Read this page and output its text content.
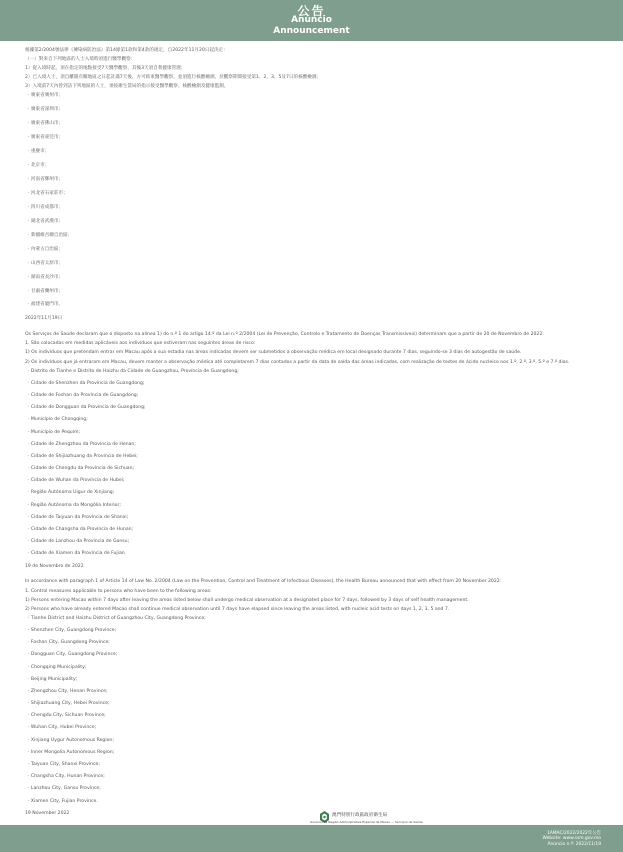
公告
Anúncio
Announcement

根據第2/2004號法律《傳染病防治法》第14條第1款和第4款的規定，自2022年11月20日起決定：

（一）對來自下列地區的人士入境時須進行醫學觀察：

1）從入境時起，須在指定的地點接受7天醫學觀察，其後3天須自我健康管理；

2）已入境人士，須自離開有關地區之日起計滿7天後，方可結束醫學觀察，並須進行核酸檢測，於觀察期間接受第1、2、3、5及7日的核酸檢測；

3）入境前7天內曾到訪下列地區的人士，須按衛生當局的指示接受醫學觀察、核酸檢測及健康監測。

‧ 廣東省廣州市；
‧ 廣東省深圳市；
‧ 廣東省佛山市；
‧ 廣東省東莞市；
‧ 重慶市；
‧ 北京市；
‧ 河南省鄭州市；
‧ 河北省石家莊市；
‧ 四川省成都市；
‧ 湖北省武漢市；
‧ 新疆維吾爾自治區；
‧ 內蒙古自治區；
‧ 山西省太原市；
‧ 湖南省長沙市；
‧ 甘肅省蘭州市；
‧ 福建省廈門市。

2022年11月19日

Os Serviços de Saúde declaram que o disposto na alínea 1) do n.º 1 do artigo 14.º da Lei n.º 2/2004 (Lei de Prevenção, Controlo e Tratamento de Doenças Transmissíveis) determinam que a partir de 20 de Novembro de 2022:

1. São colocadas em medidas aplicáveis aos indivíduos que estiveram nas seguintes áreas de risco:

1) Os indivíduos que pretendam entrar em Macau após a sua estadia nas áreas indicadas devem ser submetidos a observação médica em local designado durante 7 dias, seguindo-se 3 dias de autogestão de saúde.

2) Os indivíduos que já entraram em Macau, devem manter a observação médica até completarem 7 dias contados a partir da data de saída das áreas indicadas, com realização de testes de ácido nucleico nos 1.º, 2.º, 3.º, 5.º e 7.º dias.

‧ Distrito de Tianhe e Distrito de Haizhu da Cidade de Guangzhou, Província de Guangdong;
‧ Cidade de Shenzhen da Província de Guangdong;
‧ Cidade de Foshan da Província de Guangdong;
‧ Cidade de Dongguan da Província de Guangdong;
‧ Município de Chongqing;
‧ Município de Pequim;
‧ Cidade de Zhengzhou da Província de Henan;
‧ Cidade de Shijiazhuang da Província de Hebei;
‧ Cidade de Chengdu da Província de Sichuan;
‧ Cidade de Wuhan da Província de Hubei;
‧ Região Autónoma Uigur de Xinjiang;
‧ Região Autónoma da Mongólia Interior;
‧ Cidade de Taiyuan da Província de Shanxi;
‧ Cidade de Changsha da Província de Hunan;
‧ Cidade de Lanzhou da Província de Gansu;
‧ Cidade de Xiamen da Província de Fujian.

19 de Novembro de 2022

In accordance with paragraph 1 of Article 14 of Law No. 2/2004 (Law on the Prevention, Control and Treatment of Infectious Diseases), the Health Bureau announced that with effect from 20 November 2022:

1. Control measures applicable to persons who have been to the following areas:

1) Persons entering Macao within 7 days after leaving the areas listed below shall undergo medical observation at a designated place for 7 days, followed by 3 days of self health management.

2) Persons who have already entered Macao shall continue medical observation until 7 days have elapsed since leaving the areas listed, with nucleic acid tests on days 1, 2, 3, 5 and 7.

‧ Tianhe District and Haizhu District of Guangzhou City, Guangdong Province;
‧ Shenzhen City, Guangdong Province;
‧ Foshan City, Guangdong Province;
‧ Dongguan City, Guangdong Province;
‧ Chongqing Municipality;
‧ Beijing Municipality;
‧ Zhengzhou City, Henan Province;
‧ Shijiazhuang City, Hebei Province;
‧ Chengdu City, Sichuan Province;
‧ Wuhan City, Hubei Province;
‧ Xinjiang Uygur Autonomous Region;
‧ Inner Mongolia Autonomous Region;
‧ Taiyuan City, Shanxi Province;
‧ Changsha City, Hunan Province;
‧ Lanzhou City, Gansu Province;
‧ Xiamen City, Fujian Province.

19 November 2022	澳門特別行政區政府衛生局
Governo da Região Administrativa Especial de Macau — Serviços de Saúde
1AMAC/2022/2022年公告
Website: www.ssm.gov.mo
Anúncio n.º: 2022/11/19
